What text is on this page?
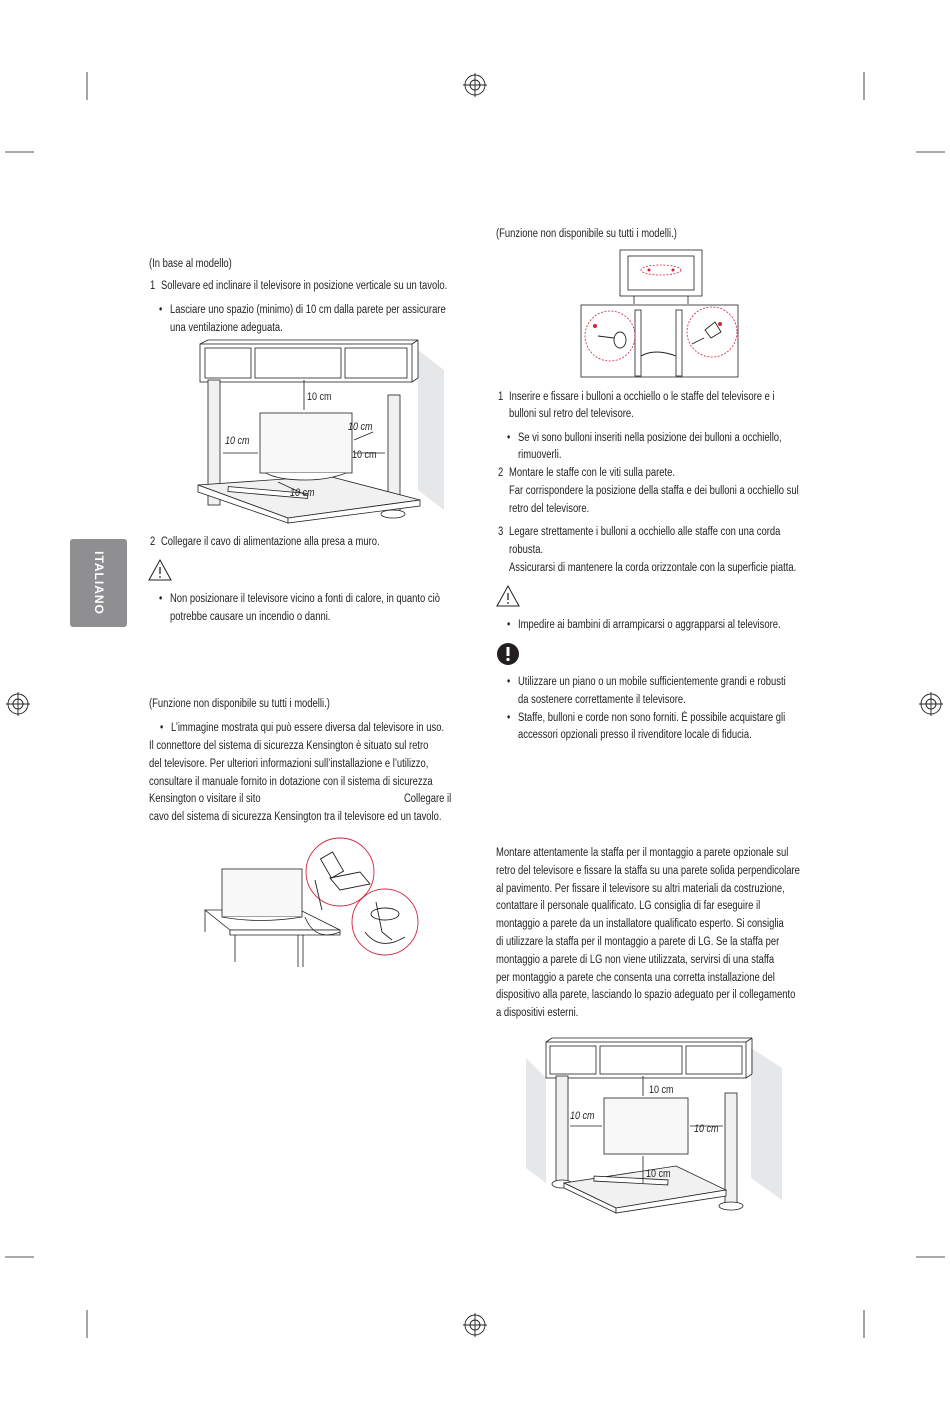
ITALIANO
(In base al modello)
1 Sollevare ed inclinare il televisore in posizione verticale su un tavolo.
• Lasciare uno spazio (minimo) di 10 cm dalla parete per assicurare
una ventilazione adeguata.
10 cm
10 cm
10 cm
10 cm
10 cm
2 Collegare il cavo di alimentazione alla presa a muro.
• Non posizionare il televisore vicino a fonti di calore, in quanto ciò
potrebbe causare un incendio o danni.
(Funzione non disponibile su tutti i modelli.)
• L’immagine mostrata qui può essere diversa dal televisore in uso.
Il connettore del sistema di sicurezza Kensington è situato sul retro
del televisore. Per ulteriori informazioni sull’installazione e l’utilizzo,
consultare il manuale fornito in dotazione con il sistema di sicurezza
Kensington o visitare il sito	Collegare il
cavo del sistema di sicurezza Kensington tra il televisore ed un tavolo.
(Funzione non disponibile su tutti i modelli.)
1 Inserire e fissare i bulloni a occhiello o le staffe del televisore e i
bulloni sul retro del televisore.
• Se vi sono bulloni inseriti nella posizione dei bulloni a occhiello,
rimuoverli.
2 Montare le staffe con le viti sulla parete.
Far corrispondere la posizione della staffa e dei bulloni a occhiello sul
retro del televisore.
3 Legare strettamente i bulloni a occhiello alle staffe con una corda
robusta.
Assicurarsi di mantenere la corda orizzontale con la superficie piatta.
• Impedire ai bambini di arrampicarsi o aggrapparsi al televisore.
• Utilizzare un piano o un mobile sufficientemente grandi e robusti
da sostenere correttamente il televisore.
• Staffe, bulloni e corde non sono forniti. È possibile acquistare gli
accessori opzionali presso il rivenditore locale di fiducia.
Montare attentamente la staffa per il montaggio a parete opzionale sul
retro del televisore e fissare la staffa su una parete solida perpendicolare
al pavimento. Per fissare il televisore su altri materiali da costruzione,
contattare il personale qualificato. LG consiglia di far eseguire il
montaggio a parete da un installatore qualificato esperto. Si consiglia
di utilizzare la staffa per il montaggio a parete di LG. Se la staffa per
montaggio a parete di LG non viene utilizzata, servirsi di una staffa
per montaggio a parete che consenta una corretta installazione del
dispositivo alla parete, lasciando lo spazio adeguato per il collegamento
a dispositivi esterni.
10 cm
10 cm
10 cm
10 cm
